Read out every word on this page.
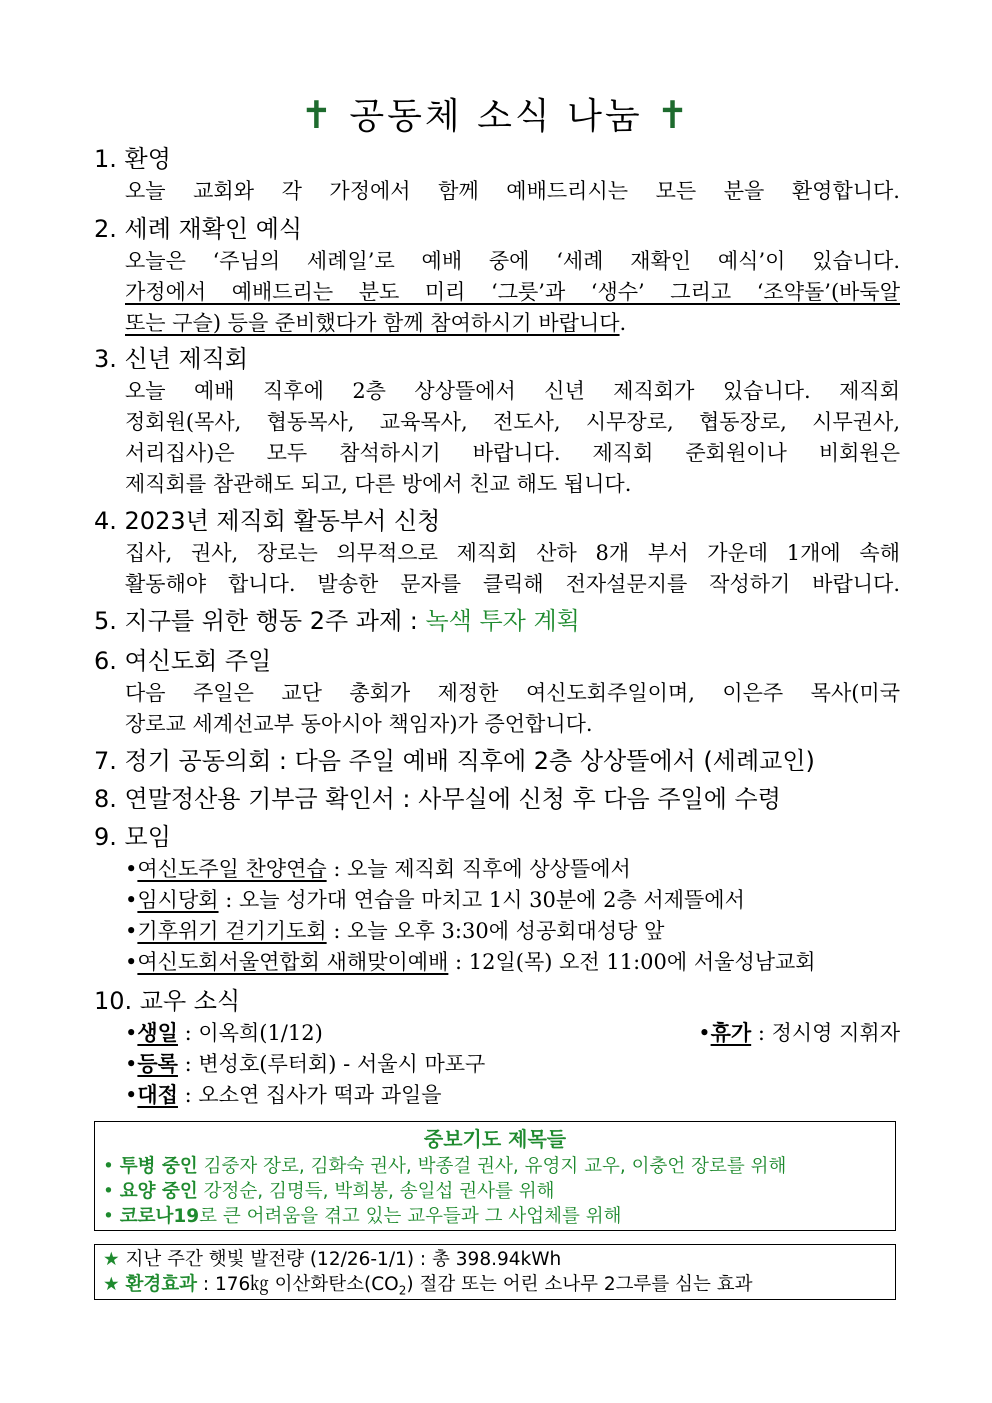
✝ 공동체 소식 나눔 ✝
1. 환영
오늘 교회와 각 가정에서 함께 예배드리시는 모든 분을 환영합니다.
2. 세례 재확인 예식
오늘은 ‘주님의 세례일’로 예배 중에 ‘세례 재확인 예식’이 있습니다.
가정에서 예배드리는 분도 미리 ‘그릇’과 ‘생수’ 그리고 ‘조약돌’(바둑알
또는 구슬) 등을 준비했다가 함께 참여하시기 바랍니다.
3. 신년 제직회
오늘 예배 직후에 2층 상상뜰에서 신년 제직회가 있습니다. 제직회
정회원(목사, 협동목사, 교육목사, 전도사, 시무장로, 협동장로, 시무권사,
서리집사)은 모두 참석하시기 바랍니다. 제직회 준회원이나 비회원은
제직회를 참관해도 되고, 다른 방에서 친교 해도 됩니다.
4. 2023년 제직회 활동부서 신청
집사, 권사, 장로는 의무적으로 제직회 산하 8개 부서 가운데 1개에 속해
활동해야 합니다. 발송한 문자를 클릭해 전자설문지를 작성하기 바랍니다.
5. 지구를 위한 행동 2주 과제 : 녹색 투자 계획
6. 여신도회 주일
다음 주일은 교단 총회가 제정한 여신도회주일이며, 이은주 목사(미국
장로교 세계선교부 동아시아 책임자)가 증언합니다.
7. 정기 공동의회 : 다음 주일 예배 직후에 2층 상상뜰에서 (세례교인)
8. 연말정산용 기부금 확인서 : 사무실에 신청 후 다음 주일에 수령
9. 모임
•여신도주일 찬양연습 : 오늘 제직회 직후에 상상뜰에서
•임시당회 : 오늘 성가대 연습을 마치고 1시 30분에 2층 서제뜰에서
•기후위기 걷기기도회 : 오늘 오후 3:30에 성공회대성당 앞
•여신도회서울연합회 새해맞이예배 : 12일(목) 오전 11:00에 서울성남교회
10. 교우 소식
•생일 : 이옥희(1/12)	•휴가 : 정시영 지휘자
•등록 : 변성호(루터회) - 서울시 마포구
•대접 : 오소연 집사가 떡과 과일을
중보기도 제목들
• 투병 중인 김중자 장로, 김화숙 권사, 박종걸 권사, 유영지 교우, 이충언 장로를 위해
• 요양 중인 강정순, 김명득, 박희봉, 송일섭 권사를 위해
• 코로나19로 큰 어려움을 겪고 있는 교우들과 그 사업체를 위해
★ 지난 주간 햇빛 발전량 (12/26-1/1) : 총 398.94kWh
★ 환경효과 : 176㎏ 이산화탄소$(CO_2)$ 절감 또는 어린 소나무 2그루를 심는 효과
